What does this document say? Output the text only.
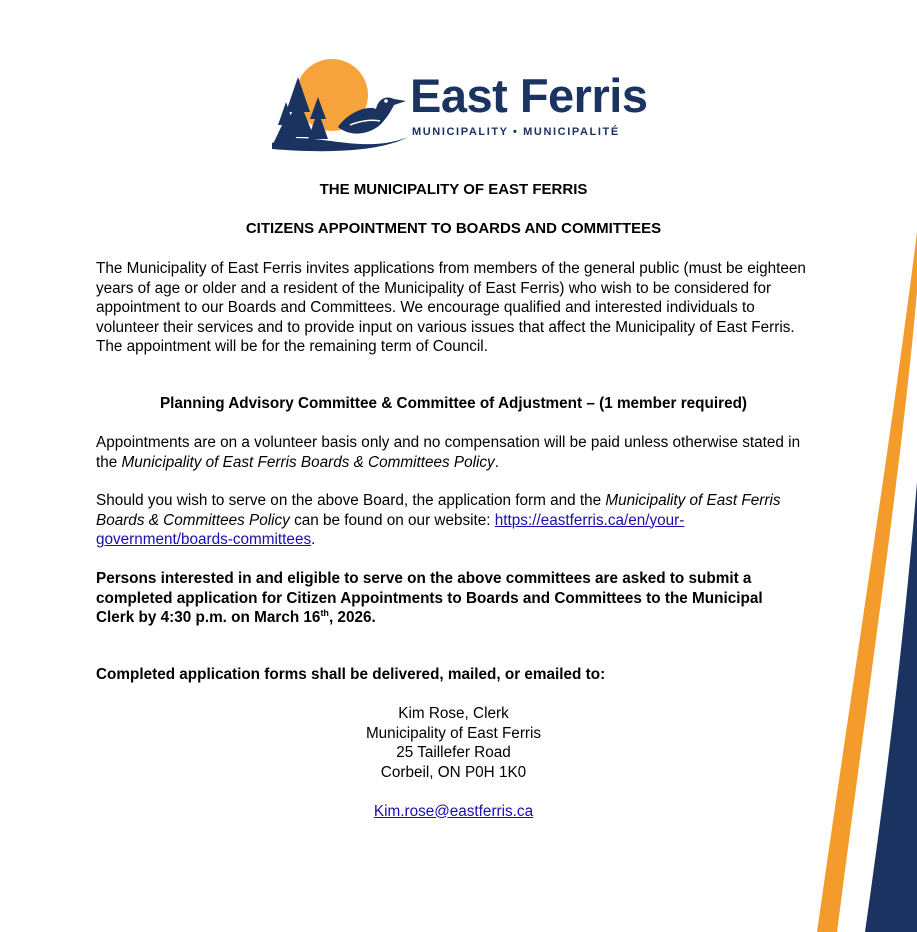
East Ferris
MUNICIPALITY • MUNICIPALITÉ
THE MUNICIPALITY OF EAST FERRIS
CITIZENS APPOINTMENT TO BOARDS AND COMMITTEES
The Municipality of East Ferris invites applications from members of the general public (must be eighteen years of age or older and a resident of the Municipality of East Ferris) who wish to be considered for appointment to our Boards and Committees. We encourage qualified and interested individuals to volunteer their services and to provide input on various issues that affect the Municipality of East Ferris. The appointment will be for the remaining term of Council.
Planning Advisory Committee & Committee of Adjustment – (1 member required)
Appointments are on a volunteer basis only and no compensation will be paid unless otherwise stated in the Municipality of East Ferris Boards & Committees Policy.
Should you wish to serve on the above Board, the application form and the Municipality of East Ferris Boards & Committees Policy can be found on our website: https://eastferris.ca/en/your-government/boards-committees.
Persons interested in and eligible to serve on the above committees are asked to submit a completed application for Citizen Appointments to Boards and Committees to the Municipal Clerk by 4:30 p.m. on March 16th, 2026.
Completed application forms shall be delivered, mailed, or emailed to:
Kim Rose, Clerk
Municipality of East Ferris
25 Taillefer Road
Corbeil, ON P0H 1K0
Kim.rose@eastferris.ca
